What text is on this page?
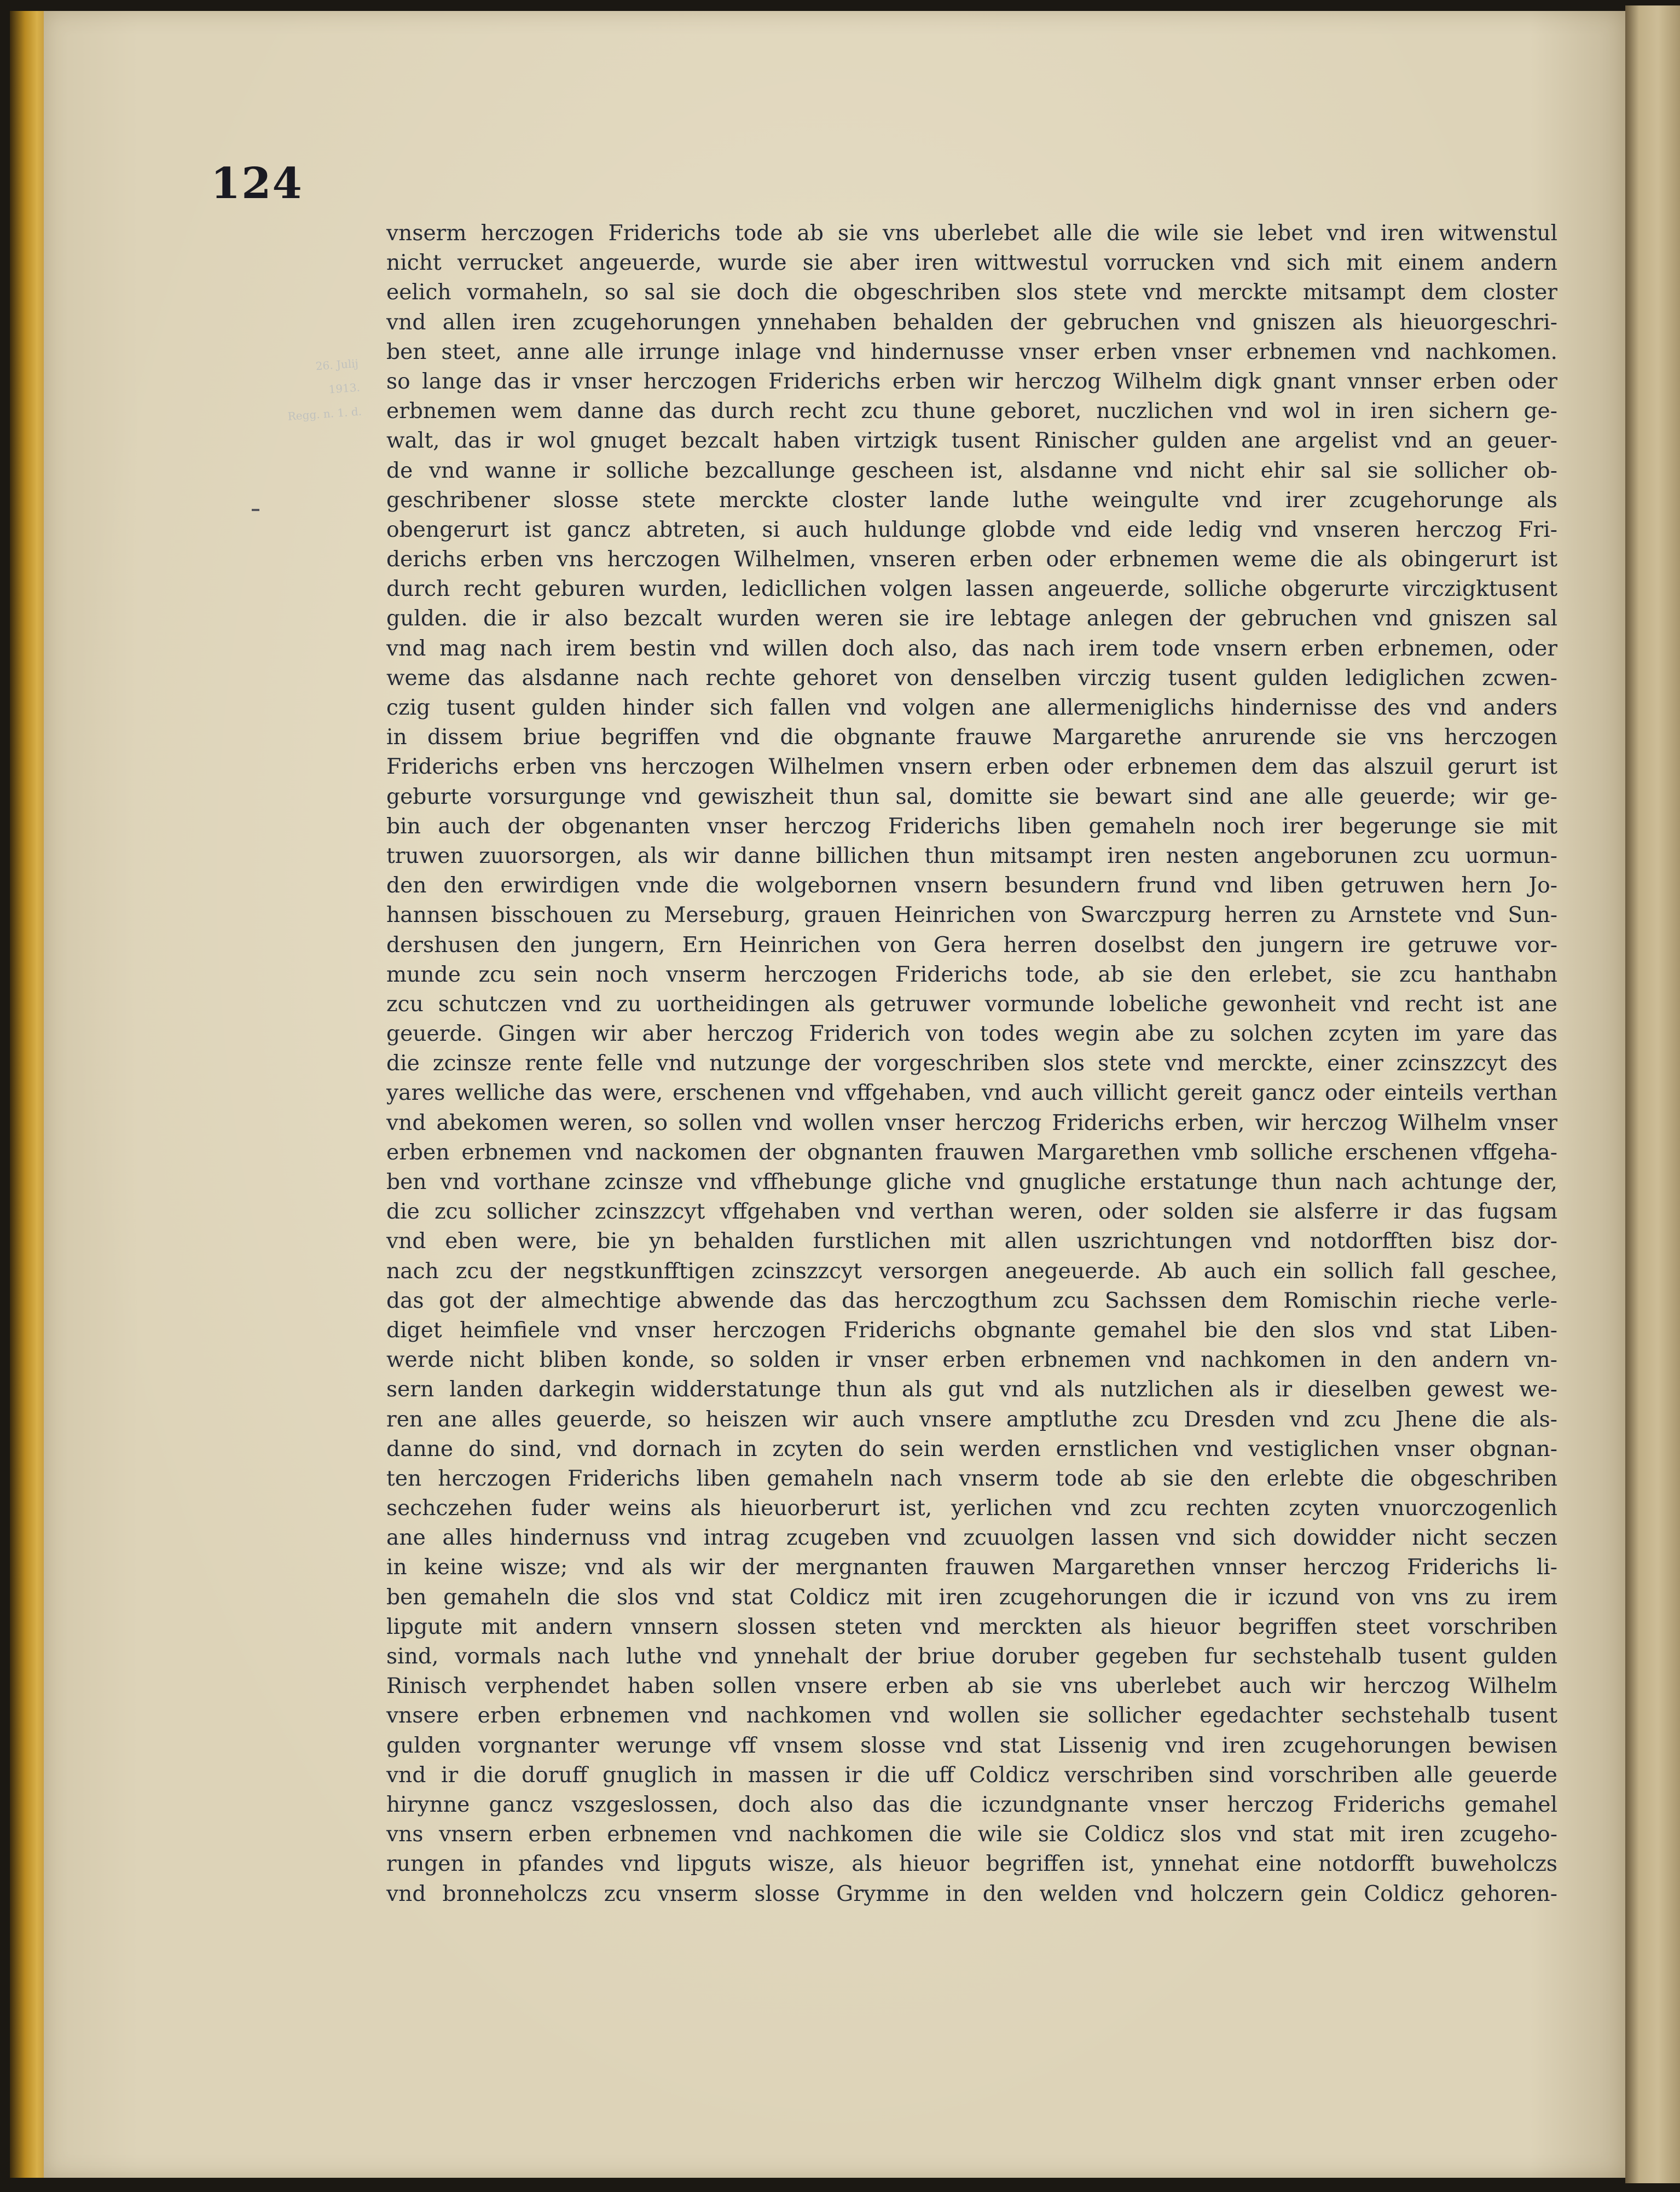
124
26. Julij
1913.
Regg. n. 1. d.
vnserm herczogen Friderichs tode ab sie vns uberlebet alle die wile sie lebet vnd iren witwenstul
nicht verrucket angeuerde, wurde sie aber iren wittwestul vorrucken vnd sich mit einem andern
eelich vormaheln, so sal sie doch die obgeschriben slos stete vnd merckte mitsampt dem closter
vnd allen iren zcugehorungen ynnehaben behalden der gebruchen vnd gniszen als hieuorgeschri-
ben steet, anne alle irrunge inlage vnd hindernusse vnser erben vnser erbnemen vnd nachkomen.
so lange das ir vnser herczogen Friderichs erben wir herczog Wilhelm digk gnant vnnser erben oder
erbnemen wem danne das durch recht zcu thune geboret, nuczlichen vnd wol in iren sichern ge-
walt, das ir wol gnuget bezcalt haben virtzigk tusent Rinischer gulden ane argelist vnd an geuer-
de vnd wanne ir solliche bezcallunge gescheen ist, alsdanne vnd nicht ehir sal sie sollicher ob-
geschribener slosse stete merckte closter lande luthe weingulte vnd irer zcugehorunge als
obengerurt ist gancz abtreten, si auch huldunge globde vnd eide ledig vnd vnseren herczog Fri-
derichs erben vns herczogen Wilhelmen, vnseren erben oder erbnemen weme die als obingerurt ist
durch recht geburen wurden, ledicllichen volgen lassen angeuerde, solliche obgerurte virczigktusent
gulden. die ir also bezcalt wurden weren sie ire lebtage anlegen der gebruchen vnd gniszen sal
vnd mag nach irem bestin vnd willen doch also, das nach irem tode vnsern erben erbnemen, oder
weme das alsdanne nach rechte gehoret von denselben virczig tusent gulden lediglichen zcwen-
czig tusent gulden hinder sich fallen vnd volgen ane allermeniglichs hindernisse des vnd anders
in dissem briue begriffen vnd die obgnante frauwe Margarethe anrurende sie vns herczogen
Friderichs erben vns herczogen Wilhelmen vnsern erben oder erbnemen dem das alszuil gerurt ist
geburte vorsurgunge vnd gewiszheit thun sal, domitte sie bewart sind ane alle geuerde; wir ge-
bin auch der obgenanten vnser herczog Friderichs liben gemaheln noch irer begerunge sie mit
truwen zuuorsorgen, als wir danne billichen thun mitsampt iren nesten angeborunen zcu uormun-
den den erwirdigen vnde die wolgebornen vnsern besundern frund vnd liben getruwen hern Jo-
hannsen bisschouen zu Merseburg, grauen Heinrichen von Swarczpurg herren zu Arnstete vnd Sun-
dershusen den jungern, Ern Heinrichen von Gera herren doselbst den jungern ire getruwe vor-
munde zcu sein noch vnserm herczogen Friderichs tode, ab sie den erlebet, sie zcu hanthabn
zcu schutczen vnd zu uortheidingen als getruwer vormunde lobeliche gewonheit vnd recht ist ane
geuerde. Gingen wir aber herczog Friderich von todes wegin abe zu solchen zcyten im yare das
die zcinsze rente felle vnd nutzunge der vorgeschriben slos stete vnd merckte, einer zcinszzcyt des
yares welliche das were, erschenen vnd vffgehaben, vnd auch villicht gereit gancz oder einteils verthan
vnd abekomen weren, so sollen vnd wollen vnser herczog Friderichs erben, wir herczog Wilhelm vnser
erben erbnemen vnd nackomen der obgnanten frauwen Margarethen vmb solliche erschenen vffgeha-
ben vnd vorthane zcinsze vnd vffhebunge gliche vnd gnugliche erstatunge thun nach achtunge der,
die zcu sollicher zcinszzcyt vffgehaben vnd verthan weren, oder solden sie alsferre ir das fugsam
vnd eben were, bie yn behalden furstlichen mit allen uszrichtungen vnd notdorfften bisz dor-
nach zcu der negstkunfftigen zcinszzcyt versorgen anegeuerde. Ab auch ein sollich fall geschee,
das got der almechtige abwende das das herczogthum zcu Sachssen dem Romischin rieche verle-
diget heimfiele vnd vnser herczogen Friderichs obgnante gemahel bie den slos vnd stat Liben-
werde nicht bliben konde, so solden ir vnser erben erbnemen vnd nachkomen in den andern vn-
sern landen darkegin widderstatunge thun als gut vnd als nutzlichen als ir dieselben gewest we-
ren ane alles geuerde, so heiszen wir auch vnsere amptluthe zcu Dresden vnd zcu Jhene die als-
danne do sind, vnd dornach in zcyten do sein werden ernstlichen vnd vestiglichen vnser obgnan-
ten herczogen Friderichs liben gemaheln nach vnserm tode ab sie den erlebte die obgeschriben
sechczehen fuder weins als hieuorberurt ist, yerlichen vnd zcu rechten zcyten vnuorczogenlich
ane alles hindernuss vnd intrag zcugeben vnd zcuuolgen lassen vnd sich dowidder nicht seczen
in keine wisze; vnd als wir der mergnanten frauwen Margarethen vnnser herczog Friderichs li-
ben gemaheln die slos vnd stat Coldicz mit iren zcugehorungen die ir iczund von vns zu irem
lipgute mit andern vnnsern slossen steten vnd merckten als hieuor begriffen steet vorschriben
sind, vormals nach luthe vnd ynnehalt der briue doruber gegeben fur sechstehalb tusent gulden
Rinisch verphendet haben sollen vnsere erben ab sie vns uberlebet auch wir herczog Wilhelm
vnsere erben erbnemen vnd nachkomen vnd wollen sie sollicher egedachter sechstehalb tusent
gulden vorgnanter werunge vff vnsem slosse vnd stat Lissenig vnd iren zcugehorungen bewisen
vnd ir die doruff gnuglich in massen ir die uff Coldicz verschriben sind vorschriben alle geuerde
hirynne gancz vszgeslossen, doch also das die iczundgnante vnser herczog Friderichs gemahel
vns vnsern erben erbnemen vnd nachkomen die wile sie Coldicz slos vnd stat mit iren zcugeho-
rungen in pfandes vnd lipguts wisze, als hieuor begriffen ist, ynnehat eine notdorfft buweholczs
vnd bronneholczs zcu vnserm slosse Grymme in den welden vnd holczern gein Coldicz gehoren-
